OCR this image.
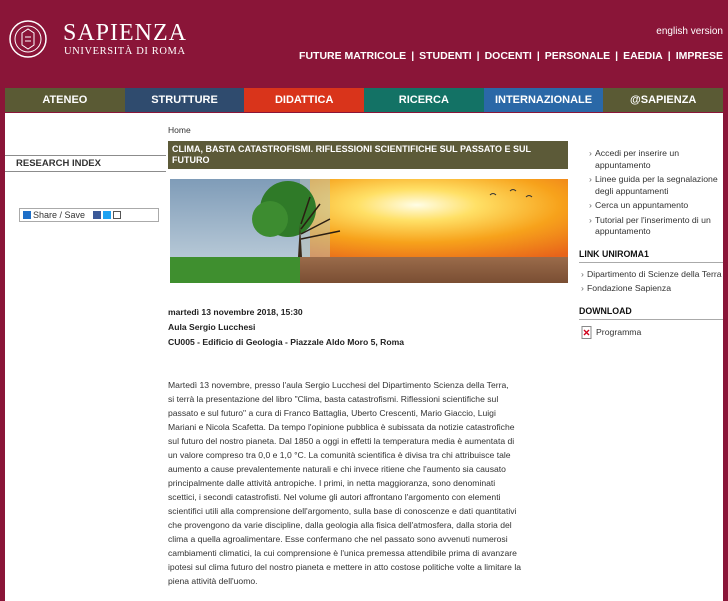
SAPIENZA
UNIVERSITÀ DI ROMA
english version
FUTURE MATRICOLE | STUDENTI | DOCENTI | PERSONALE | EAEDIA | IMPRESE
ATENEO	STRUTTURE	DIDATTICA	RICERCA	INTERNAZIONALE	@SAPIENZA
RESEARCH INDEX
Share / Save
Home
CLIMA, BASTA CATASTROFISMI. RIFLESSIONI SCIENTIFICHE SUL PASSATO E SUL FUTURO
martedì 13 novembre 2018, 15:30
Aula Sergio Lucchesi
CU005 - Edificio di Geologia - Piazzale Aldo Moro 5, Roma
Martedì 13 novembre, presso l'aula Sergio Lucchesi del Dipartimento Scienza della Terra,
si terrà la presentazione del libro "Clima, basta catastrofismi. Riflessioni scientifiche sul
passato e sul futuro" a cura di Franco Battaglia, Uberto Crescenti, Mario Giaccio, Luigi
Mariani e Nicola Scafetta. Da tempo l'opinione pubblica è subissata da notizie catastrofiche
sul futuro del nostro pianeta. Dal 1850 a oggi in effetti la temperatura media è aumentata di
un valore compreso tra 0,0 e 1,0 °C. La comunità scientifica è divisa tra chi attribuisce tale
aumento a cause prevalentemente naturali e chi invece ritiene che l'aumento sia causato
principalmente dalle attività antropiche. I primi, in netta maggioranza, sono denominati
scettici, i secondi catastrofisti. Nel volume gli autori affrontano l'argomento con elementi
scientifici utili alla comprensione dell'argomento, sulla base di conoscenze e dati quantitativi
che provengono da varie discipline, dalla geologia alla fisica dell'atmosfera, dalla storia del
clima a quella agroalimentare. Esse confermano che nel passato sono avvenuti numerosi
cambiamenti climatici, la cui comprensione è l'unica premessa attendibile prima di avanzare
ipotesi sul clima futuro del nostro pianeta e mettere in atto costose politiche volte a limitare la
piena attività dell'uomo.
› Accedi per inserire un appuntamento
› Linee guida per la segnalazione degli appuntamenti
› Cerca un appuntamento
› Tutorial per l'inserimento di un appuntamento
LINK UNIROMA1
› Dipartimento di Scienze della Terra
› Fondazione Sapienza
DOWNLOAD
Programma
